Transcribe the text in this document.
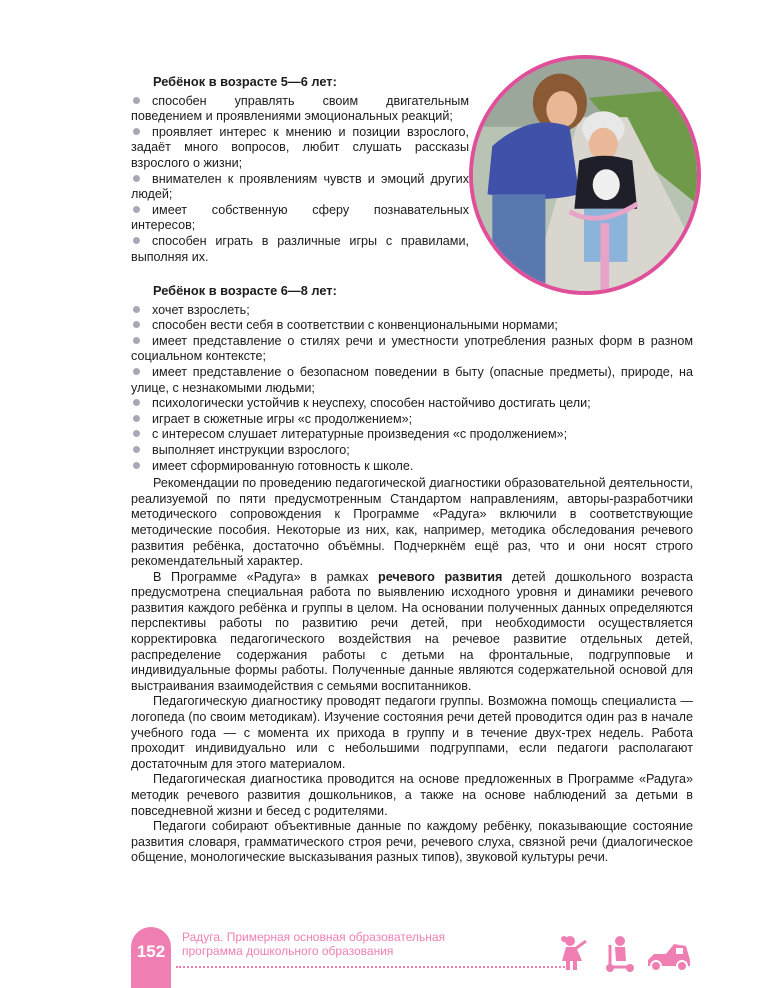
Ребёнок в возрасте 5—6 лет:

способен управлять своим двигательным поведением и проявлениями эмоциональных реакций;

проявляет интерес к мнению и позиции взрослого, задаёт много вопросов, любит слушать рассказы взрослого о жизни;

внимателен к проявлениям чувств и эмоций других людей;

имеет собственную сферу познавательных интересов;

способен играть в различные игры с правилами, выполняя их.

Ребёнок в возрасте 6—8 лет:

хочет взрослеть;

способен вести себя в соответствии с конвенциональными нормами;

имеет представление о стилях речи и уместности употребления разных форм в разном социальном контексте;

имеет представление о безопасном поведении в быту (опасные предметы), природе, на улице, с незнакомыми людьми;

психологически устойчив к неуспеху, способен настойчиво достигать цели;

играет в сюжетные игры «с продолжением»;

с интересом слушает литературные произведения «с продолжением»;

выполняет инструкции взрослого;

имеет сформированную готовность к школе.

Рекомендации по проведению педагогической диагностики образовательной деятельности, реализуемой по пяти предусмотренным Стандартом направлениям, авторы-разработчики методического сопровождения к Программе «Радуга» включили в соответствующие методические пособия. Некоторые из них, как, например, методика обследования речевого развития ребёнка, достаточно объёмны. Подчеркнём ещё раз, что и они носят строго рекомендательный характер.

В Программе «Радуга» в рамках речевого развития детей дошкольного возраста предусмотрена специальная работа по выявлению исходного уровня и динамики речевого развития каждого ребёнка и группы в целом. На основании полученных данных определяются перспективы работы по развитию речи детей, при необходимости осуществляется корректировка педагогического воздействия на речевое развитие отдельных детей, распределение содержания работы с детьми на фронтальные, подгрупповые и индивидуальные формы работы. Полученные данные являются содержательной основой для выстраивания взаимодействия с семьями воспитанников.

Педагогическую диагностику проводят педагоги группы. Возможна помощь специалиста — логопеда (по своим методикам). Изучение состояния речи детей проводится один раз в начале учебного года — с момента их прихода в группу и в течение двух-трех недель. Работа проходит индивидуально или с небольшими подгруппами, если педагоги располагают достаточным для этого материалом.

Педагогическая диагностика проводится на основе предложенных в Программе «Радуга» методик речевого развития дошкольников, а также на основе наблюдений за детьми в повседневной жизни и бесед с родителями.

Педагоги собирают объективные данные по каждому ребёнку, показывающие состояние развития словаря, грамматического строя речи, речевого слуха, связной речи (диалогическое общение, монологические высказывания разных типов), звуковой культуры речи.

152
Радуга. Примерная основная образовательная
программа дошкольного образования
